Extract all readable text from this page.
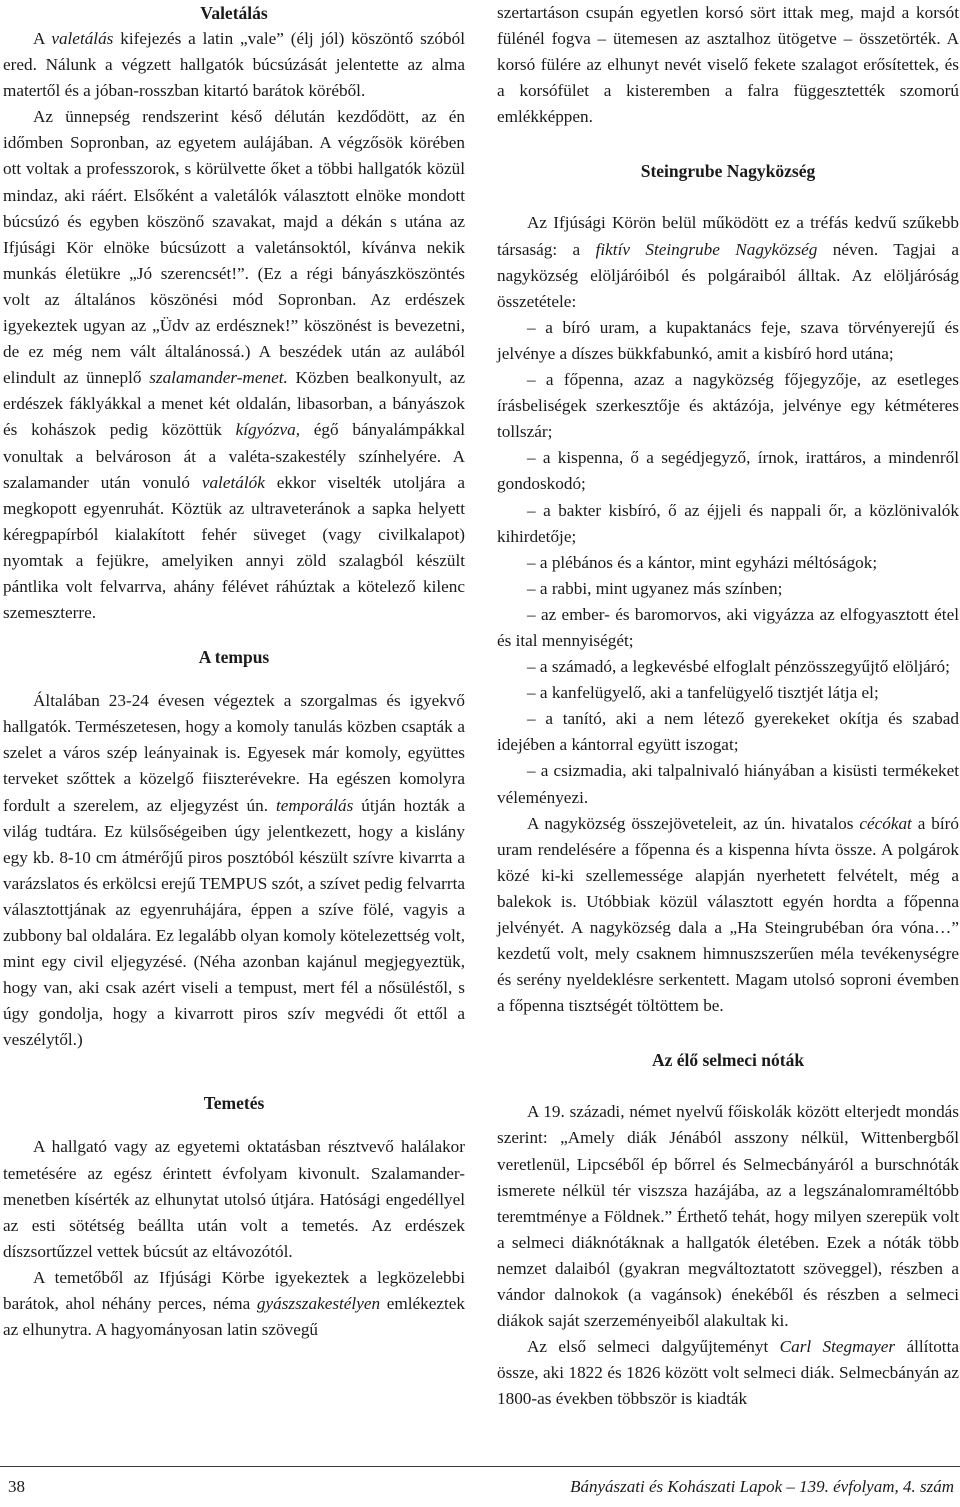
Valetálás

A valetálás kifejezés a latin „vale” (élj jól) köszöntő szóból ered. Nálunk a végzett hallgatók búcsúzását jelentette az alma matertől és a jóban-rosszban kitartó barátok köréből.

Az ünnepség rendszerint késő délután kezdődött, az én időmben Sopronban, az egyetem aulájában. A végzősök körében ott voltak a professzorok, s körülvette őket a többi hallgatók közül mindaz, aki ráért. Elsőként a valetálók választott elnöke mondott búcsúzó és egyben köszönő szavakat, majd a dékán s utána az Ifjúsági Kör elnöke búcsúzott a valetánsoktól, kívánva nekik munkás életükre „Jó szerencsét!”. (Ez a régi bányászköszöntés volt az általános köszönési mód Sopronban. Az erdészek igyekeztek ugyan az „Üdv az erdésznek!” köszönést is bevezetni, de ez még nem vált általánossá.) A beszédek után az aulából elindult az ünneplő szalamander-menet. Közben bealkonyult, az erdészek fáklyákkal a menet két oldalán, libasorban, a bányászok és kohászok pedig közöttük kígyózva, égő bányalámpákkal vonultak a belvároson át a valéta-szakestély színhelyére. A szalamander után vonuló valetálók ekkor viselték utoljára a megkopott egyenruhát. Köztük az ultraveteránok a sapka helyett kéregpapírból kialakított fehér süveget (vagy civilkalapot) nyomtak a fejükre, amelyiken annyi zöld szalagból készült pántlika volt felvarrva, ahány félévet ráhúztak a kötelező kilenc szemeszterre.

A tempus

Általában 23-24 évesen végeztek a szorgalmas és igyekvő hallgatók. Természetesen, hogy a komoly tanulás közben csapták a szelet a város szép leányainak is. Egyesek már komoly, együttes terveket szőttek a közelgő fiiszterévekre. Ha egészen komolyra fordult a szerelem, az eljegyzést ún. temporálás útján hozták a világ tudtára. Ez külsőségeiben úgy jelentkezett, hogy a kislány egy kb. 8-10 cm átmérőjű piros posztóból készült szívre kivarrta a varázslatos és erkölcsi erejű TEMPUS szót, a szívet pedig felvarrta választottjának az egyenruhájára, éppen a szíve fölé, vagyis a zubbony bal oldalára. Ez legalább olyan komoly kötelezettség volt, mint egy civil eljegyzésé. (Néha azonban kajánul megjegyeztük, hogy van, aki csak azért viseli a tempust, mert fél a nősüléstől, s úgy gondolja, hogy a kivarrott piros szív megvédi őt ettől a veszélytől.)

Temetés

A hallgató vagy az egyetemi oktatásban résztvevő halálakor temetésére az egész érintett évfolyam kivonult. Szalamander-menetben kísérték az elhunytat utolsó útjára. Hatósági engedéllyel az esti sötétség beállta után volt a temetés. Az erdészek díszsortűzzel vettek búcsút az eltávozótól.

A temetőből az Ifjúsági Körbe igyekeztek a legközelebbi barátok, ahol néhány perces, néma gyászszakestélyen emlékeztek az elhunytra. A hagyományosan latin szövegű

szertartáson csupán egyetlen korsó sört ittak meg, majd a korsót fülénél fogva – ütemesen az asztalhoz ütögetve – összetörték. A korsó fülére az elhunyt nevét viselő fekete szalagot erősítettek, és a korsófület a kisteremben a falra függesztették szomorú emlékképpen.

Steingrube Nagyközség

Az Ifjúsági Körön belül működött ez a tréfás kedvű szűkebb társaság: a fiktív Steingrube Nagyközség néven. Tagjai a nagyközség elöljáróiból és polgáraiból álltak. Az elöljáróság összetétele:

– a bíró uram, a kupaktanács feje, szava törvényerejű és jelvénye a díszes bükkfabunkó, amit a kisbíró hord utána;

– a főpenna, azaz a nagyközség főjegyzője, az esetleges írásbeliségek szerkesztője és aktázója, jelvénye egy kétméteres tollszár;

– a kispenna, ő a segédjegyző, írnok, irattáros, a mindenről gondoskodó;

– a bakter kisbíró, ő az éjjeli és nappali őr, a közlönivalók kihirdetője;

– a plébános és a kántor, mint egyházi méltóságok;

– a rabbi, mint ugyanez más színben;

– az ember- és baromorvos, aki vigyázza az elfogyasztott étel és ital mennyiségét;

– a számadó, a legkevésbé elfoglalt pénzösszegyűjtő elöljáró;

– a kanfelügyelő, aki a tanfelügyelő tisztjét látja el;

– a tanító, aki a nem létező gyerekeket okítja és szabad idejében a kántorral együtt iszogat;

– a csizmadia, aki talpalnivaló hiányában a kisüsti termékeket véleményezi.

A nagyközség összejöveteleit, az ún. hivatalos cécókat a bíró uram rendelésére a főpenna és a kispenna hívta össze. A polgárok közé ki-ki szellemessége alapján nyerhetett felvételt, még a balekok is. Utóbbiak közül választott egyén hordta a főpenna jelvényét. A nagyközség dala a „Ha Steingrubéban óra vóna…” kezdetű volt, mely csaknem himnuszszerűen méla tevékenységre és serény nyeldeklésre serkentett. Magam utolsó soproni évemben a főpenna tisztségét töltöttem be.

Az élő selmeci nóták

A 19. századi, német nyelvű főiskolák között elterjedt mondás szerint: „Amely diák Jénából asszony nélkül, Wittenbergből veretlenül, Lipcséből ép bőrrel és Selmecbányáról a burschnóták ismerete nélkül tér viszsza hazájába, az a legszánalomraméltóbb teremtménye a Földnek.” Érthető tehát, hogy milyen szerepük volt a selmeci diáknótáknak a hallgatók életében. Ezek a nóták több nemzet dalaiból (gyakran megváltoztatott szöveggel), részben a vándor dalnokok (a vagánsok) énekéből és részben a selmeci diákok saját szerzeményeiből alakultak ki.

Az első selmeci dalgyűjteményt Carl Stegmayer állította össze, aki 1822 és 1826 között volt selmeci diák. Selmecbányán az 1800-as években többször is kiadták

38	Bányászati és Kohászati Lapok – 139. évfolyam, 4. szám
